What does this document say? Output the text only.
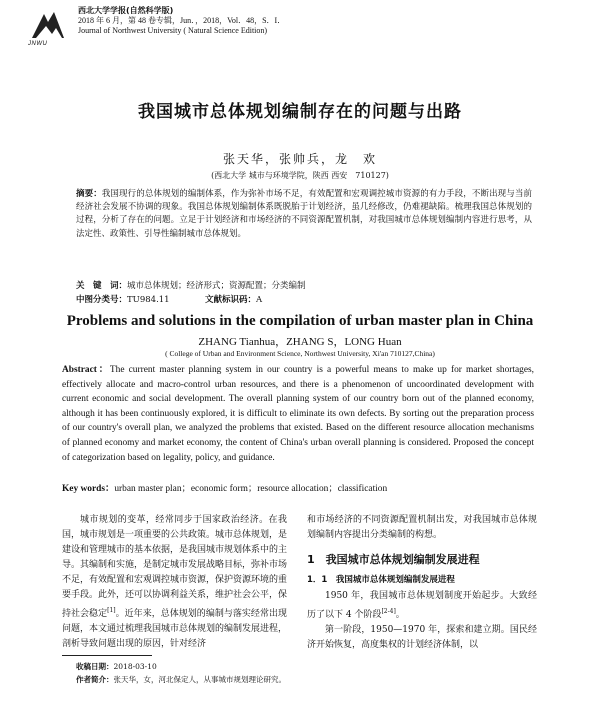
JNWU
西北大学学报(自然科学版)
2018 年 6 月，第 48 卷专辑，Jun．，2018，Vol．48，S．I．
Journal of Northwest University ( Natural Science Edition)
我国城市总体规划编制存在的问题与出路
张天华，张帅兵，龙　欢
(西北大学 城市与环境学院，陕西 西安　710127)
摘要：我国现行的总体规划的编制体系，作为弥补市场不足，有效配置和宏观调控城市资源的有力手段，不断出现与当前经济社会发展不协调的现象。我国总体规划编制体系既脱胎于计划经济，虽几经修改，仍难褪缺陷。梳理我国总体规划的过程，分析了存在的问题。立足于计划经济和市场经济的不同资源配置机制，对我国城市总体规划编制内容进行思考，从法定性、政策性、引导性编制城市总体规划。
关　键　词：城市总体规划；经济形式；资源配置；分类编制
中图分类号：TU984.11	文献标识码：A
Problems and solutions in the compilation of urban master plan in China
ZHANG Tianhua，ZHANG S，LONG Huan
( College of Urban and Environment Science, Northwest University, Xi'an 710127,China)
Abstract：The current master planning system in our country is a powerful means to make up for market shortages, effectively allocate and macro-control urban resources, and there is a phenomenon of uncoordinated development with current economic and social development. The overall planning system of our country born out of the planned economy, although it has been continuously explored, it is difficult to eliminate its own defects. By sorting out the preparation process of our country's overall plan, we analyzed the problems that existed. Based on the different resource allocation mechanisms of planned economy and market economy, the content of China's urban overall planning is considered. Proposed the concept of categorization based on legality, policy, and guidance.
Key words：urban master plan；economic form；resource allocation；classification
城市规划的变革，经常同步于国家政治经济。在我国，城市规划是一项重要的公共政策。城市总体规划，是建设和管理城市的基本依据，是我国城市规划体系中的主导。其编制和实施，是制定城市发展战略目标，弥补市场不足，有效配置和宏观调控城市资源，保护资源环境的重要手段。此外，还可以协调利益关系，维护社会公平，保持社会稳定[1]。近年来，总体规划的编制与落实经常出现问题，本文通过梳理我国城市总体规划的编制发展进程，剖析导致问题出现的原因，针对经济
和市场经济的不同资源配置机制出发，对我国城市总体规划编制内容提出分类编制的构想。
1　我国城市总体规划编制发展进程
1．1　我国城市总体规划编制发展进程
1950 年，我国城市总体规划制度开始起步。大致经历了以下 4 个阶段[2-4]。
第一阶段，1950—1970 年，探索和建立期。国民经济开始恢复，高度集权的计划经济体制，以
收稿日期：2018-03-10
作者简介：张天华，女，河北保定人，从事城市规划理论研究。
